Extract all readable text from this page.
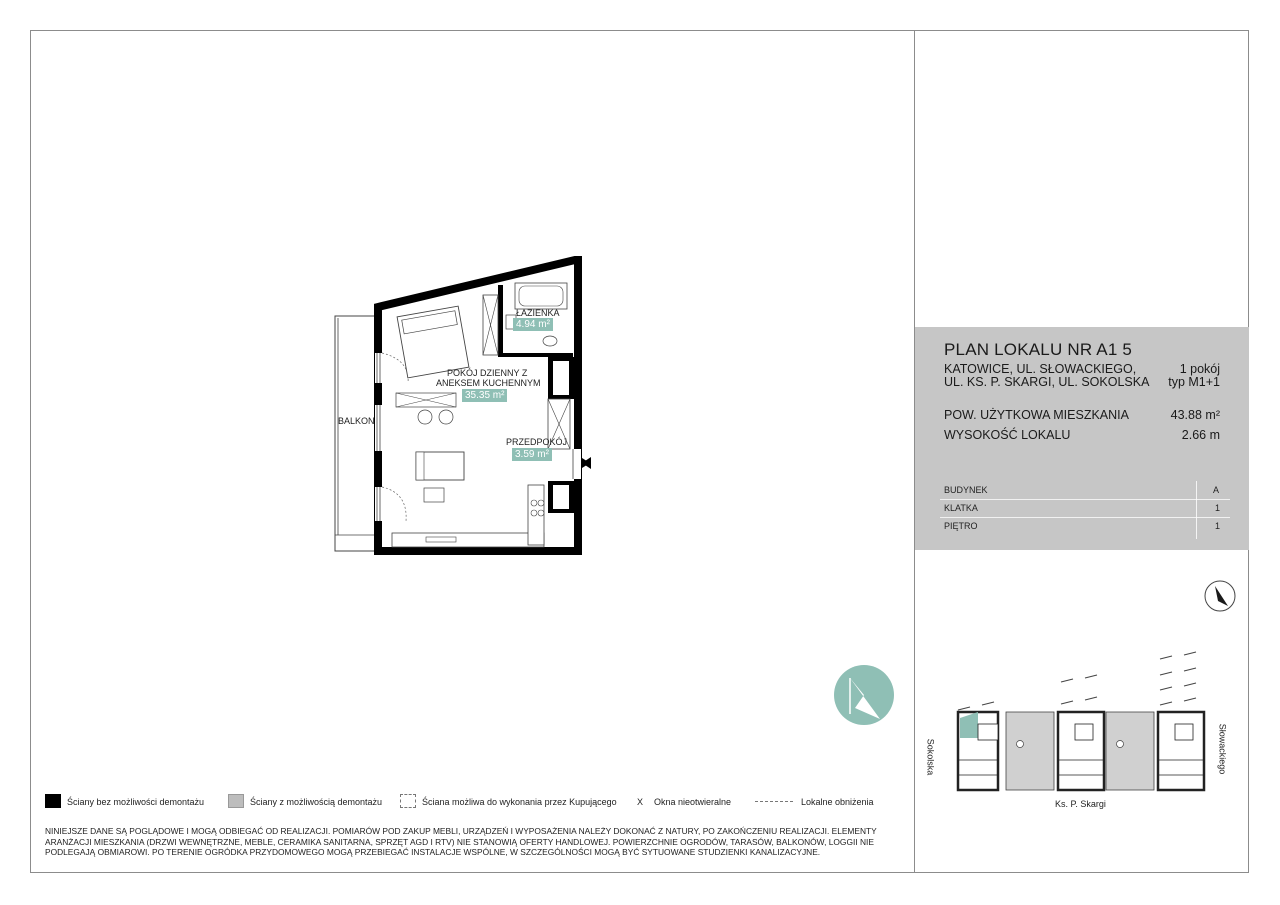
ŁAZIENKA
4.94 m²
POKÓJ DZIENNY Z
ANEKSEM KUCHENNYM
35.35 m²
PRZEDPOKÓJ
3.59 m²
BALKON
PLAN LOKALU NR A1 5
KATOWICE, UL. SŁOWACKIEGO,
UL. KS. P. SKARGI, UL. SOKOLSKA
1 pokój
typ M1+1
POW. UŻYTKOWA MIESZKANIA	43.88 m²
WYSOKOŚĆ LOKALU	2.66 m
BUDYNEK	A
KLATKA	1
PIĘTRO	1
Sokolska
Ks. P. Skargi
Słowackiego
Ściany bez możliwości demontażu	Ściany z możliwością demontażu	Ściana możliwa do wykonania przez Kupującego X Okna nieotwieralne	Lokalne obniżenia
NINIEJSZE DANE SĄ POGLĄDOWE I MOGĄ ODBIEGAĆ OD REALIZACJI. POMIARÓW POD ZAKUP MEBLI, URZĄDZEŃ I WYPOSAŻENIA NALEŻY DOKONAĆ Z NATURY, PO ZAKOŃCZENIU REALIZACJI. ELEMENTY ARANŻACJI MIESZKANIA (DRZWI WEWNĘTRZNE, MEBLE, CERAMIKA SANITARNA, SPRZĘT AGD I RTV) NIE STANOWIĄ OFERTY HANDLOWEJ. POWIERZCHNIE OGRODÓW, TARASÓW, BALKONÓW, LOGGII NIE PODLEGAJĄ OBMIAROWI. PO TERENIE OGRÓDKA PRZYDOMOWEGO MOGĄ PRZEBIEGAĆ INSTALACJE WSPÓLNE, W SZCZEGÓLNOŚCI MOGĄ BYĆ SYTUOWANE STUDZIENKI KANALIZACYJNE.
